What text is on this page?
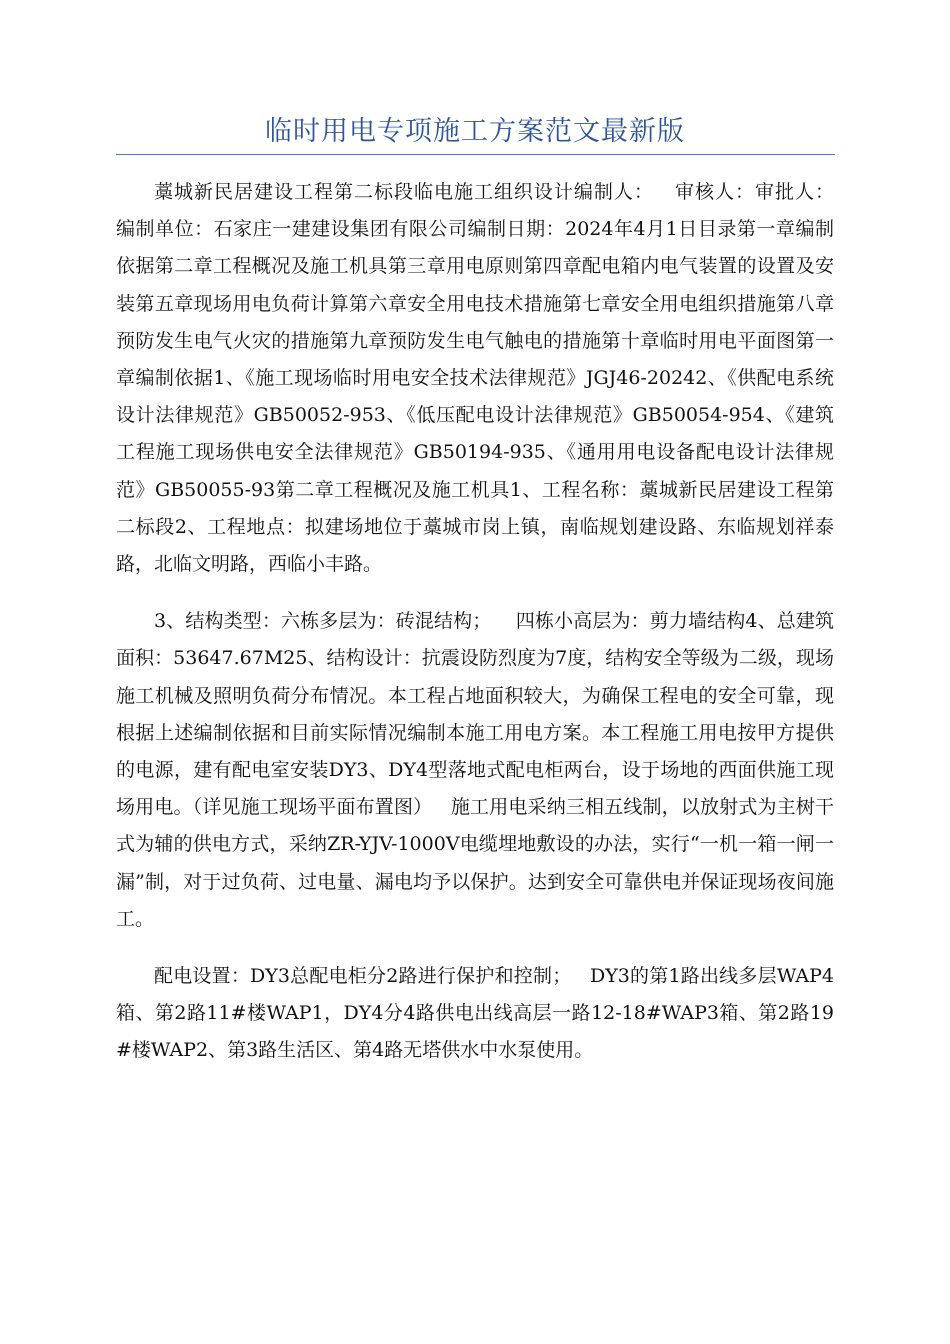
临时用电专项施工方案范文最新版

藁城新民居建设工程第二标段临电施工组织设计编制人：   审核人：审批人：   编制单位：石家庄一建建设集团有限公司编制日期：2024年4月1日目录第一章编制依据第二章工程概况及施工机具第三章用电原则第四章配电箱内电气装置的设置及安装第五章现场用电负荷计算第六章安全用电技术措施第七章安全用电组织措施第八章预防发生电气火灾的措施第九章预防发生电气触电的措施第十章临时用电平面图第一章编制依据1、《施工现场临时用电安全技术法律规范》JGJ46-20242、《供配电系统设计法律规范》GB50052-953、《低压配电设计法律规范》GB50054-954、《建筑工程施工现场供电安全法律规范》GB50194-935、《通用用电设备配电设计法律规范》GB50055-93第二章工程概况及施工机具1、工程名称：藁城新民居建设工程第二标段2、工程地点：拟建场地位于藁城市岗上镇，南临规划建设路、东临规划祥泰路，北临文明路，西临小丰路。

3、结构类型：六栋多层为：砖混结构；    四栋小高层为：剪力墙结构4、总建筑面积：53647.67M25、结构设计：抗震设防烈度为7度，结构安全等级为二级，现场施工机械及照明负荷分布情况。本工程占地面积较大，为确保工程电的安全可靠，现根据上述编制依据和目前实际情况编制本施工用电方案。本工程施工用电按甲方提供的电源，建有配电室安装DY3、DY4型落地式配电柜两台，设于场地的西面供施工现场用电。（详见施工现场平面布置图）   施工用电采纳三相五线制，以放射式为主树干式为辅的供电方式，采纳ZR-YJV-1000V电缆埋地敷设的办法，实行“一机一箱一闸一漏”制，对于过负荷、过电量、漏电均予以保护。达到安全可靠供电并保证现场夜间施工。

配电设置：DY3总配电柜分2路进行保护和控制；   DY3的第1路出线多层WAP4箱、第2路11#楼WAP1，DY4分4路供电出线高层一路12-18#WAP3箱、第2路19#楼WAP2、第3路生活区、第4路无塔供水中水泵使用。
